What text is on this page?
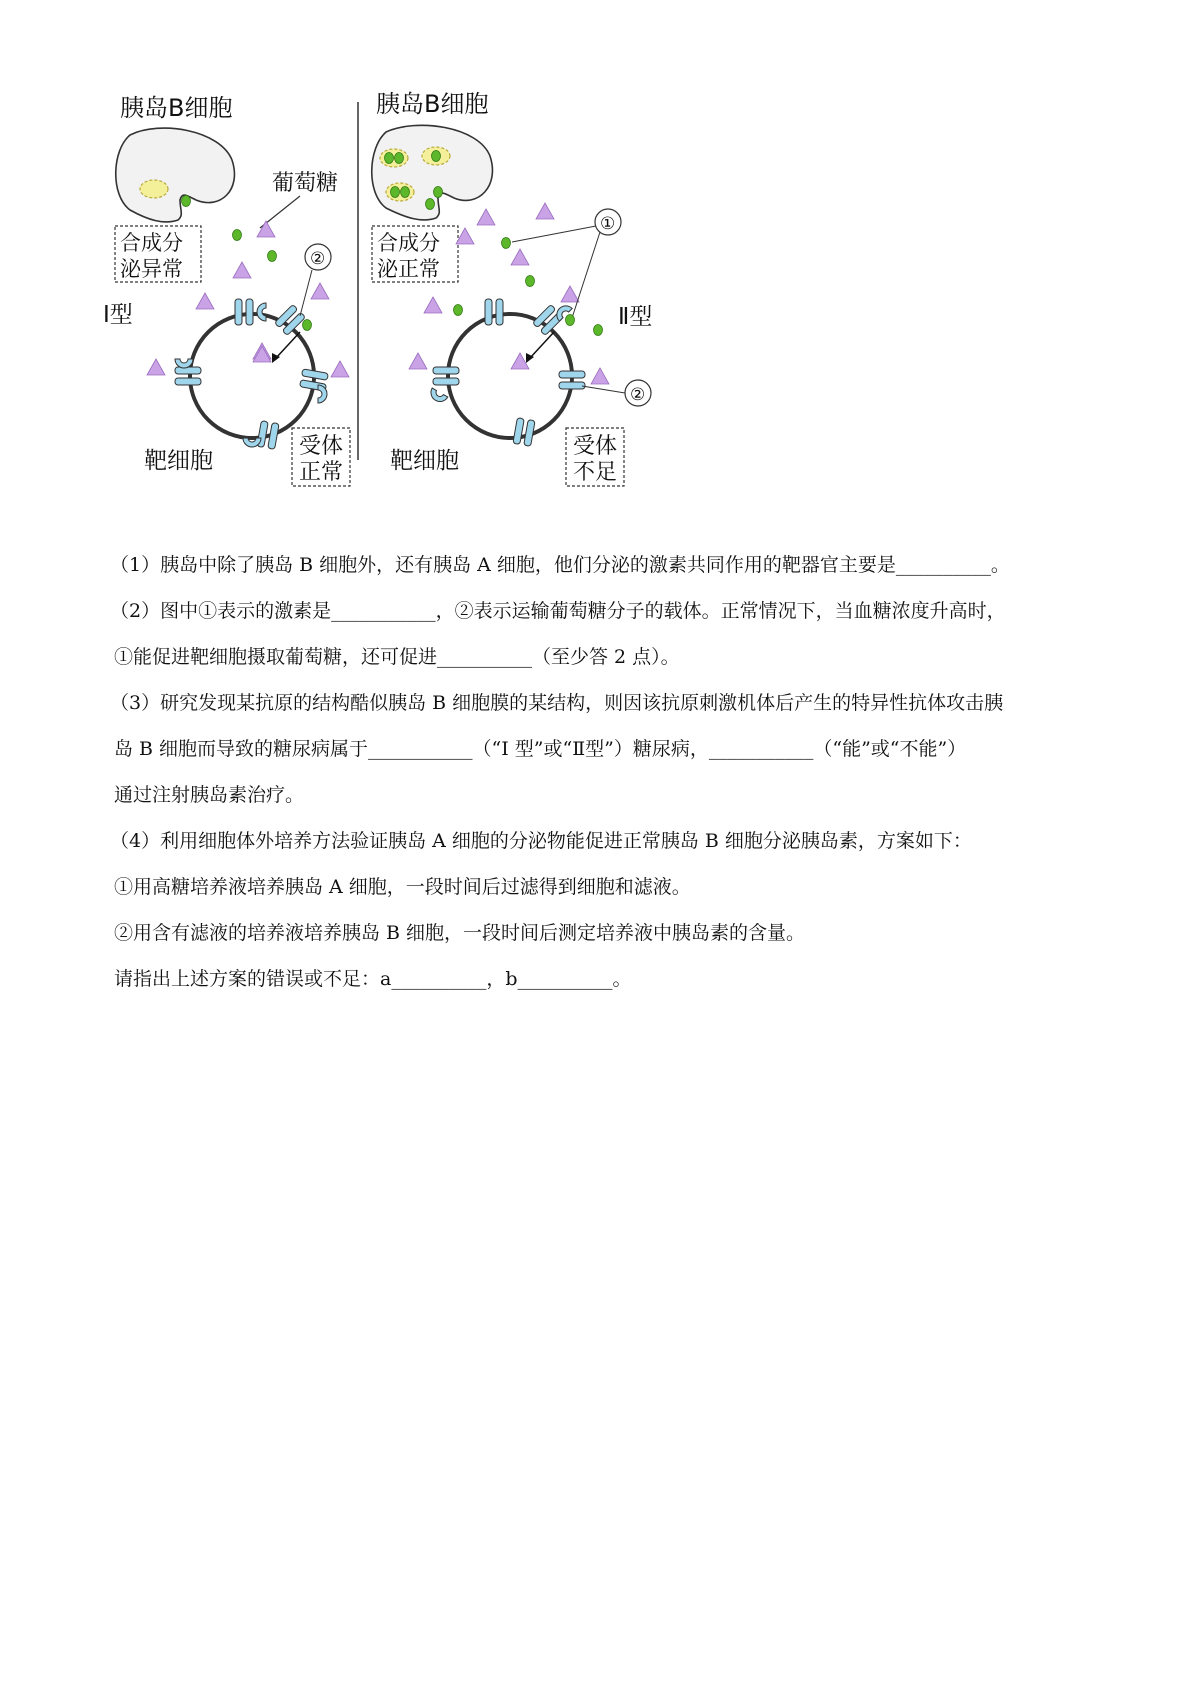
胰岛B细胞
葡萄糖
合成分
泌异常	②
Ⅰ型
靶细胞
受体
正常
胰岛B细胞
合成分
泌正常
①
Ⅱ型
②
靶细胞
受体
不足
（1）胰岛中除了胰岛 B 细胞外，还有胰岛 A 细胞，他们分泌的激素共同作用的靶器官主要是__________。
（2）图中①表示的激素是___________，②表示运输葡萄糖分子的载体。正常情况下，当血糖浓度升高时，
①能促进靶细胞摄取葡萄糖，还可促进__________（至少答 2 点）。
（3）研究发现某抗原的结构酷似胰岛 B 细胞膜的某结构，则因该抗原刺激机体后产生的特异性抗体攻击胰
岛 B 细胞而导致的糖尿病属于___________（“I 型”或“Ⅱ型”）糖尿病，___________（“能”或“不能”）
通过注射胰岛素治疗。
（4）利用细胞体外培养方法验证胰岛 A 细胞的分泌物能促进正常胰岛 B 细胞分泌胰岛素，方案如下：
①用高糖培养液培养胰岛 A 细胞，一段时间后过滤得到细胞和滤液。
②用含有滤液的培养液培养胰岛 B 细胞，一段时间后测定培养液中胰岛素的含量。
请指出上述方案的错误或不足：a__________，b__________。
